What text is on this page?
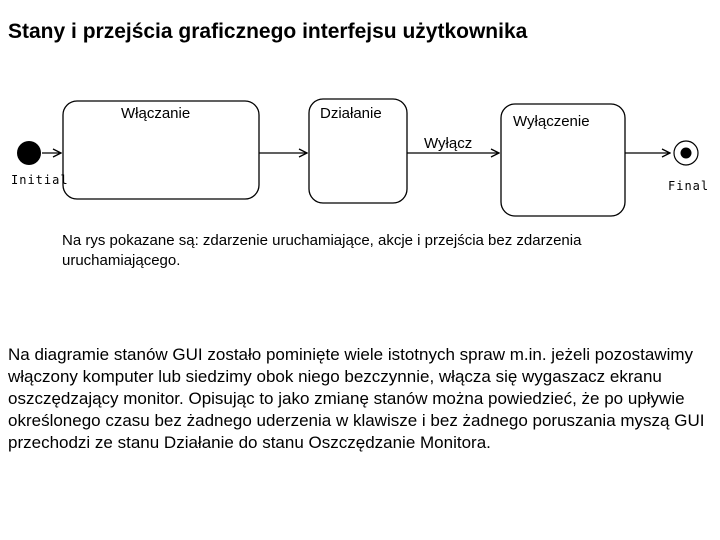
Stany i przejścia graficznego interfejsu użytkownika
Włączanie	Działanie	Wyłączenie
Wyłącz
Initial	Final
Na rys pokazane są: zdarzenie uruchamiające, akcje i przejścia bez zdarzenia uruchamiającego.
Na diagramie stanów GUI zostało pominięte wiele istotnych spraw m.in. jeżeli pozostawimy włączony komputer lub siedzimy obok niego bezczynnie, włącza się wygaszacz ekranu oszczędzający monitor. Opisując to jako zmianę stanów można powiedzieć, że po upływie określonego czasu bez żadnego uderzenia w klawisze i bez żadnego poruszania myszą GUI przechodzi ze stanu Działanie do stanu Oszczędzanie Monitora.
